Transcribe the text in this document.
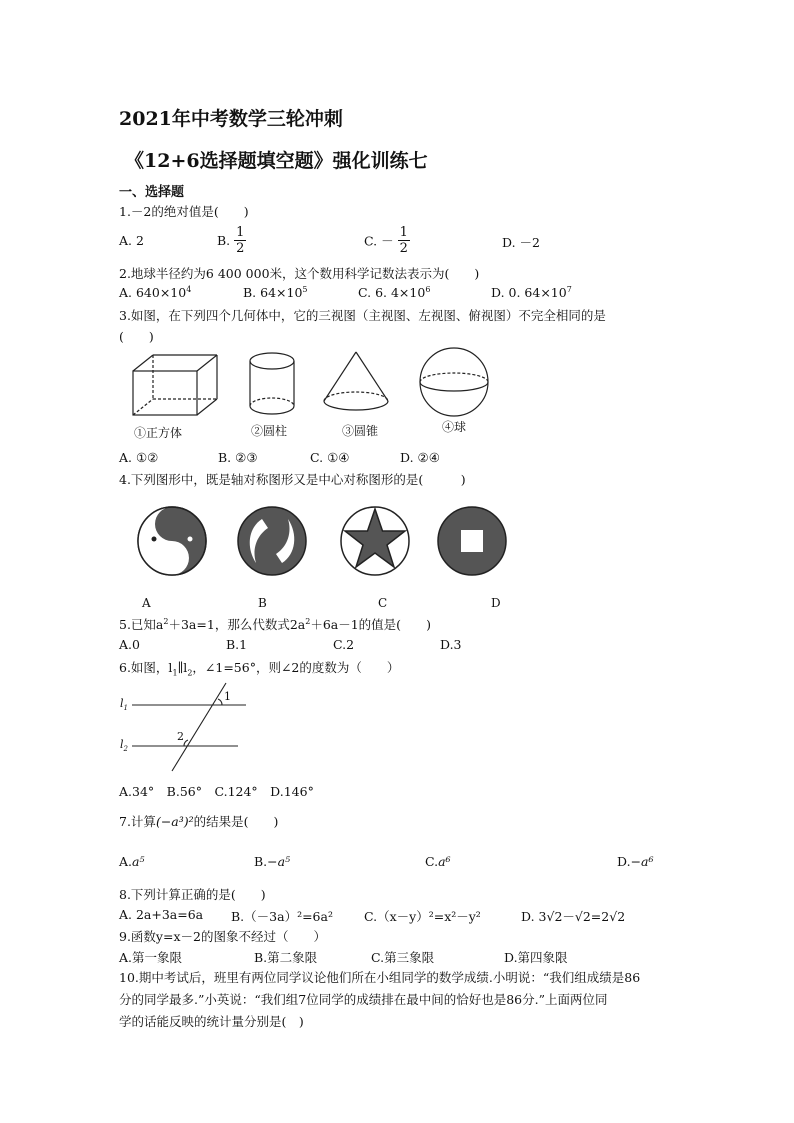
2021年中考数学三轮冲刺
《12+6选择题填空题》强化训练七
一、选择题
1.－2的绝对值是(　　)
A. 2	B. $\frac{1}{2}$	C. － $\frac{1}{2}$	D. －2
2.地球半径约为6 400 000米，这个数用科学记数法表示为(　　)
A. $640\times 10^4$	B. $64\times 10^5$	C. 6. $4\times 10^6$	D. 0. $64\times 10^7$
3.如图，在下列四个几何体中，它的三视图（主视图、左视图、俯视图）不完全相同的是
(　　)
①正方体	②圆柱	③圆锥	④球
A. ①②	B. ②③	C. ①④	D. ②④
4.下列图形中，既是轴对称图形又是中心对称图形的是(　　　)
A	B	C	D
5.已知$a^2+3a=1$，那么代数式$2a^2+6a-1$的值是(　　)
A.0	B.1	C.2	D.3
6.如图，$l_1\parallel l_2$，∠1=56°，则∠2的度数为（　　）
1
2
$l_1$
$l_2$
A.34°　B.56°　C.124°　D.146°
7.计算(−a³)²的结果是(　　)
A.a⁵	B.−a⁵	C.a⁶	D.−a⁶
8.下列计算正确的是(　　)
A. 2a+3a=6a B.（－3a）²=6a² C.（x－y）²=x²－y²	D. 3√2－√2=2√2
9.函数y=x－2的图象不经过（　　）
A.第一象限	B.第二象限	C.第三象限	D.第四象限
10.期中考试后，班里有两位同学议论他们所在小组同学的数学成绩.小明说：“我们组成绩是86
分的同学最多.”小英说：“我们组7位同学的成绩排在最中间的恰好也是86分.”上面两位同
学的话能反映的统计量分别是(　)
